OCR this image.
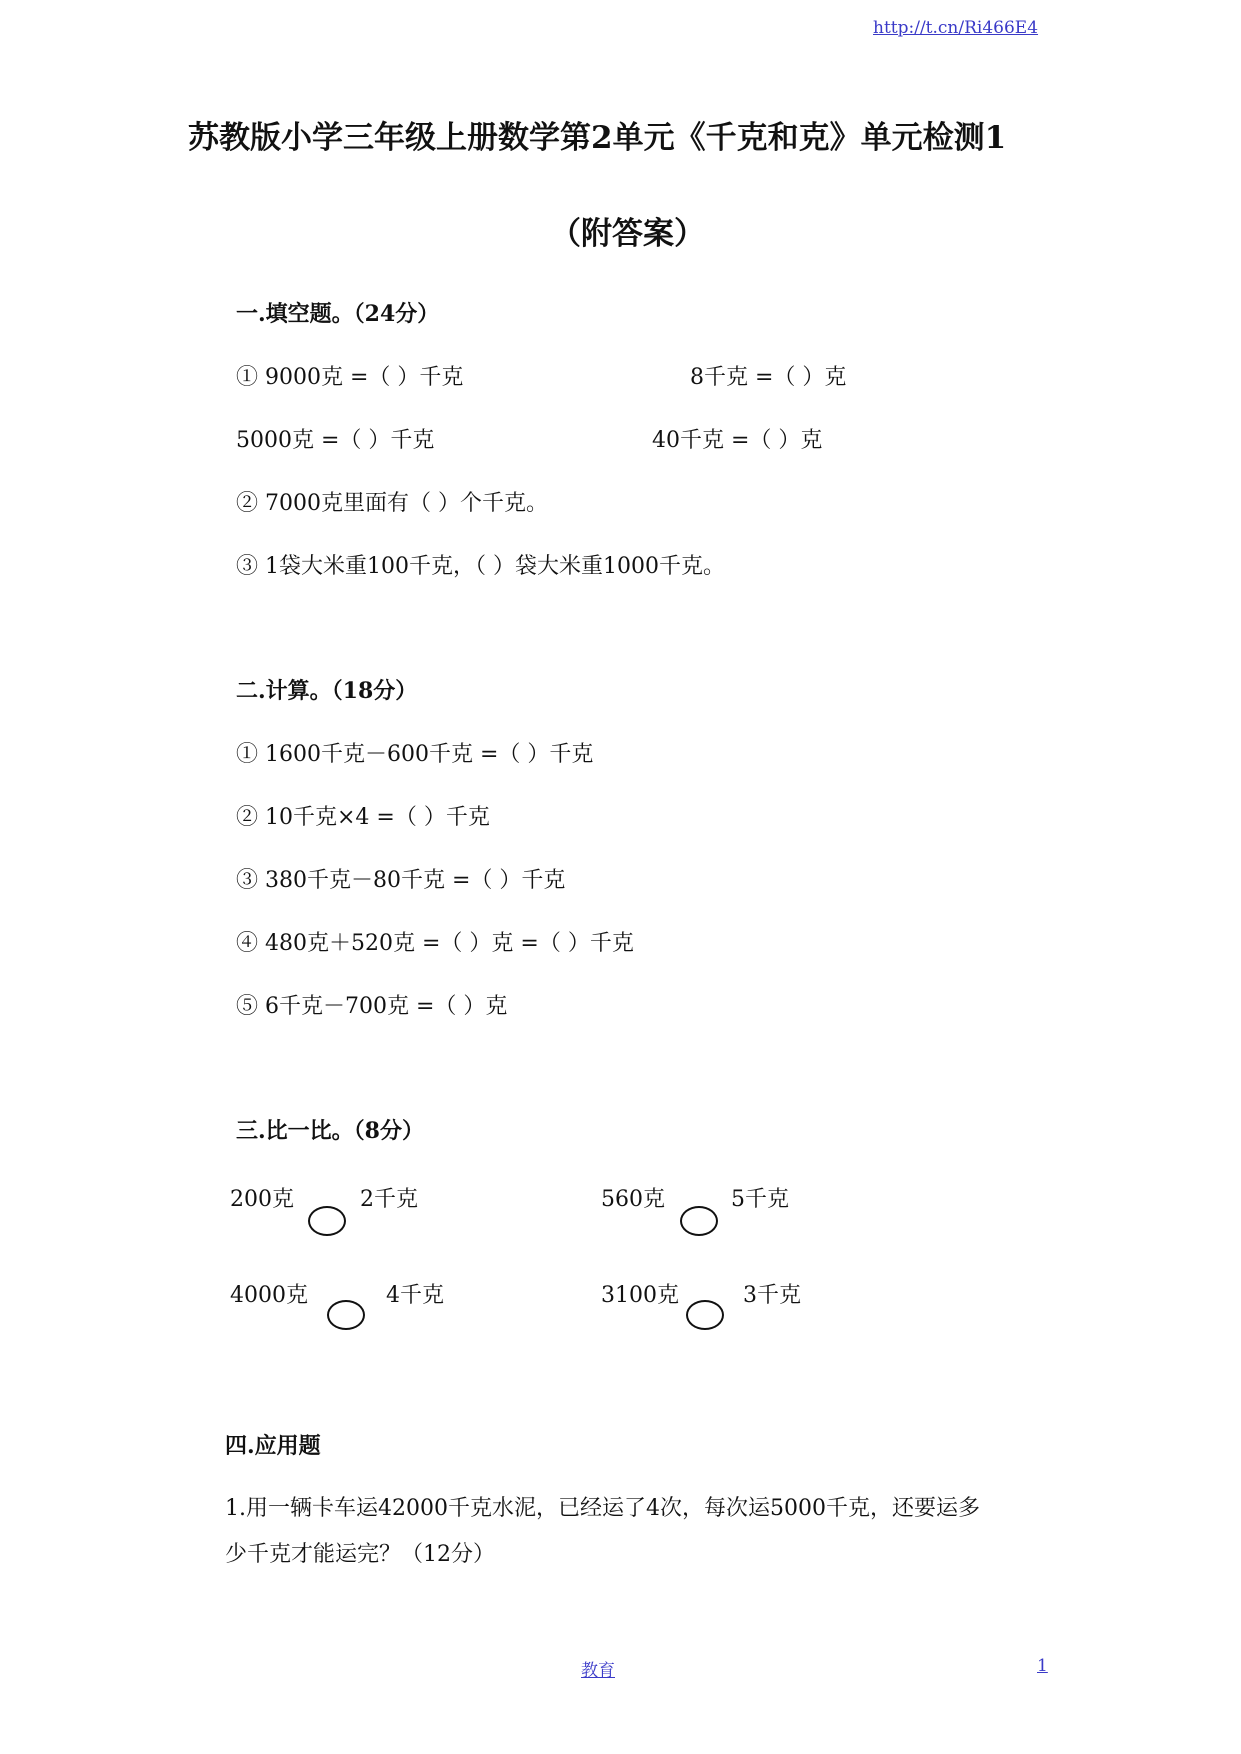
http://t.cn/Ri466E4
苏教版小学三年级上册数学第2单元《千克和克》单元检测1
（附答案）
一.填空题。（24分）
① 9000克 =（ ）千克	8千克 =（ ）克
5000克 =（ ）千克	40千克 =（ ）克
② 7000克里面有（ ）个千克。
③ 1袋大米重100千克，（ ）袋大米重1000千克。
二.计算。（18分）
① 1600千克－600千克 =（ ）千克
② 10千克×4 =（ ）千克
③ 380千克－80千克 =（ ）千克
④ 480克＋520克 =（ ）克 =（ ）千克
⑤ 6千克－700克 =（ ）克
三.比一比。（8分）
200克	2千克	560克	5千克
4000克	4千克	3100克	3千克
四.应用题
1.用一辆卡车运42000千克水泥，已经运了4次，每次运5000千克，还要运多
少千克才能运完？（12分）
教育	1
